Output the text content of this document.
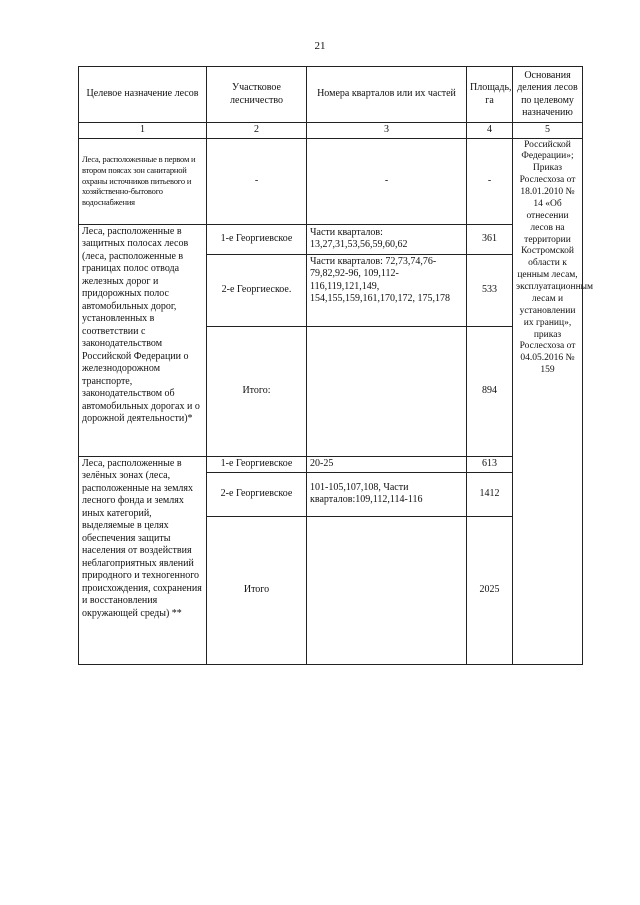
21
Целевое назначение лесов	Участковое лесничество	Номера кварталов или их частей	Площадь, га	Основания деления лесов по целевому назначению
1	2	3	4	5
Леса, расположенные в первом и втором поясах зон санитарной охраны источников питьевого и хозяйственно-бытового водоснабжения	-	-	-	Российской Федерации»; Приказ Рослесхоза от 18.01.2010 № 14 «Об отнесении лесов на территории Костромской области к ценным лесам, эксплуатационным лесам и установлении их границ», приказ Рослесхоза от 04.05.2016 № 159
Леса, расположенные в защитных полосах лесов (леса, расположенные в границах полос отвода железных дорог и придорожных полос автомобильных дорог, установленных в соответствии с законодательством Российской Федерации о железнодорожном транспорте, законодательством об автомобильных дорогах и о дорожной деятельности)*	1-е Георгиевское	Части кварталов: 13,27,31,53,56,59,60,62	361	
	2-е Георгиеское.	Части кварталов: 72,73,74,76-79,82,92-96, 109,112-116,119,121,149, 154,155,159,161,170,172, 175,178	533	
	Итого:		894	
Леса, расположенные в зелёных зонах (леса, расположенные на землях лесного фонда и землях иных категорий, выделяемые в целях обеспечения защиты населения от воздействия неблагоприятных явлений природного и техногенного происхождения, сохранения и восстановления окружающей среды) **	1-е Георгиевское	20-25	613	
	2-е Георгиевское	101-105,107,108, Части кварталов:109,112,114-116	1412	
	Итого		2025	
